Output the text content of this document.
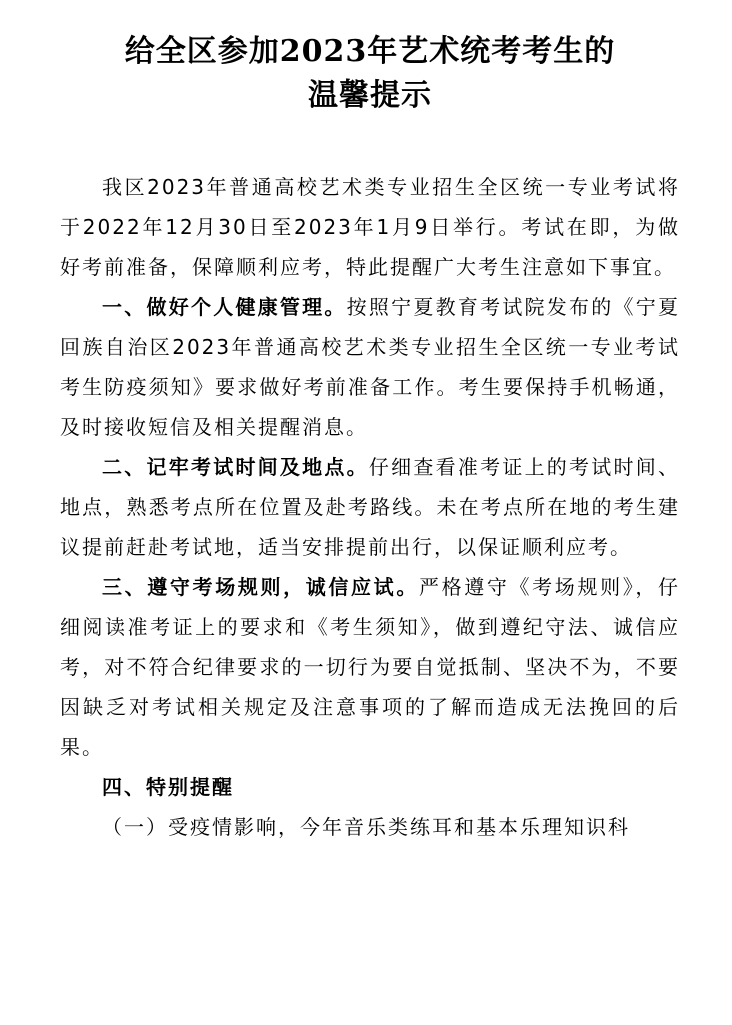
给全区参加2023年艺术统考考生的
温馨提示

我区2023年普通高校艺术类专业招生全区统一专业考试将于2022年12月30日至2023年1月9日举行。考试在即，为做好考前准备，保障顺利应考，特此提醒广大考生注意如下事宜。

一、做好个人健康管理。按照宁夏教育考试院发布的《宁夏回族自治区2023年普通高校艺术类专业招生全区统一专业考试考生防疫须知》要求做好考前准备工作。考生要保持手机畅通，及时接收短信及相关提醒消息。

二、记牢考试时间及地点。仔细查看准考证上的考试时间、地点，熟悉考点所在位置及赴考路线。未在考点所在地的考生建议提前赶赴考试地，适当安排提前出行，以保证顺利应考。

三、遵守考场规则，诚信应试。严格遵守《考场规则》，仔细阅读准考证上的要求和《考生须知》，做到遵纪守法、诚信应考，对不符合纪律要求的一切行为要自觉抵制、坚决不为，不要因缺乏对考试相关规定及注意事项的了解而造成无法挽回的后果。

四、特别提醒

（一）受疫情影响，今年音乐类练耳和基本乐理知识科
